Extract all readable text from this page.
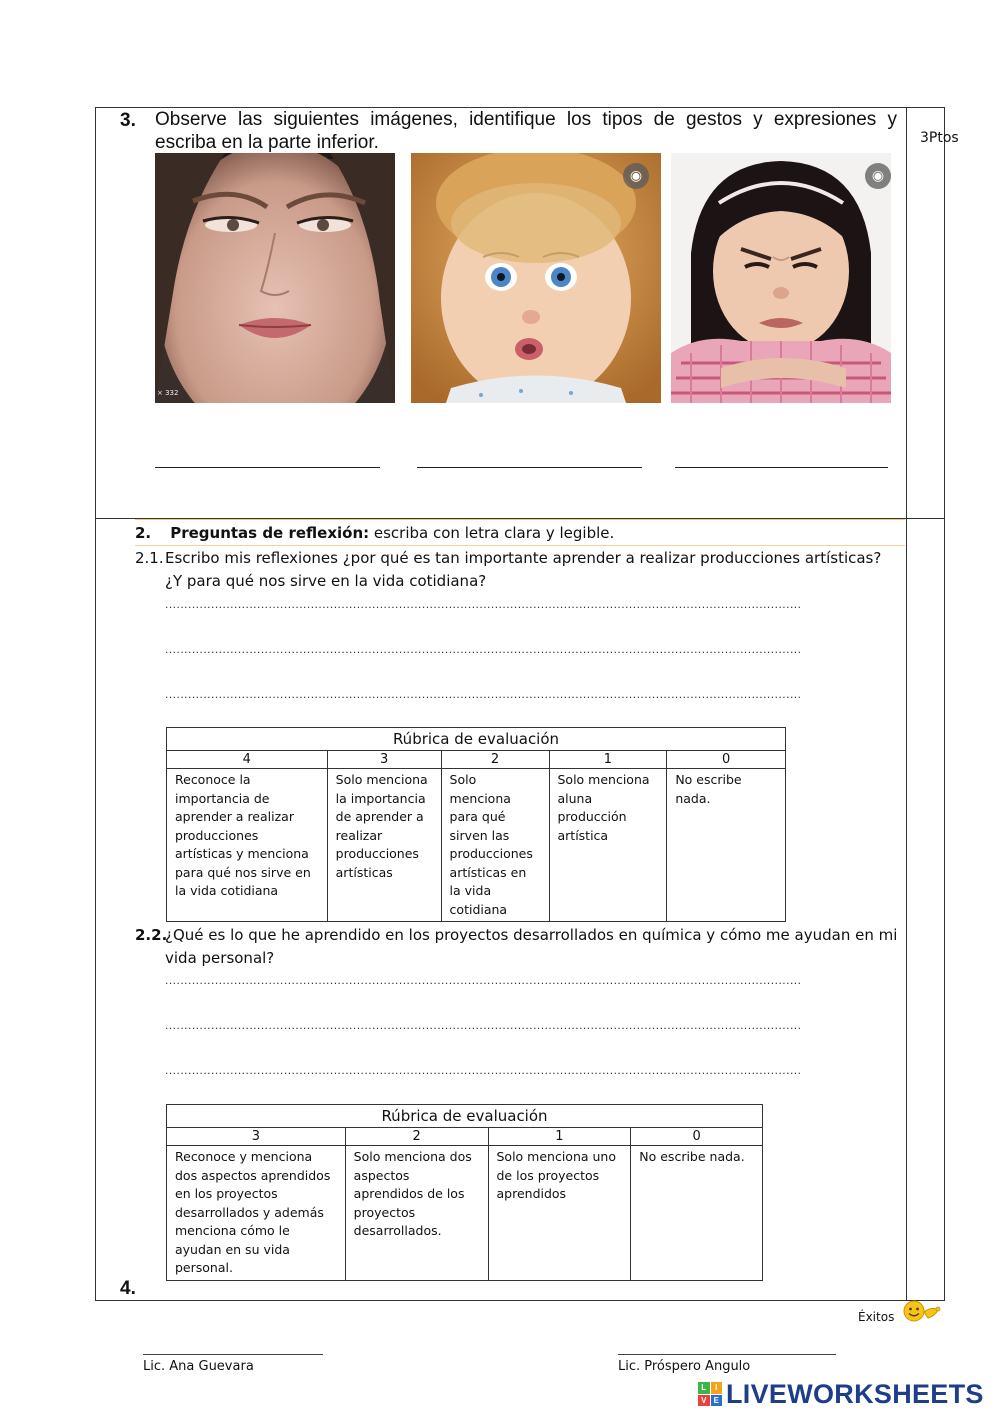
3. Observe las siguientes imágenes, identifique los tipos de gestos y expresiones y escriba en la parte inferior.	3Ptos
× 332
◉	◉
2. Preguntas de reflexión: escriba con letra clara y legible.
2.1. Escribo mis reflexiones ¿por qué es tan importante aprender a realizar producciones artísticas? ¿Y para qué nos sirve en la vida cotidiana?
......................................................................................................................................................................
......................................................................................................................................................................
......................................................................................................................................................................
Rúbrica de evaluación				
4	3	2	1	0
Reconoce la importancia de aprender a realizar producciones artísticas y menciona para qué nos sirve en la vida cotidiana	Solo menciona la importancia de aprender a realizar producciones artísticas	Solo menciona para qué sirven las producciones artísticas en la vida cotidiana	Solo menciona aluna producción artística	No escribe nada.
2.2.
¿Qué es lo que he aprendido en los proyectos desarrollados en química y cómo me ayudan en mi vida personal?
......................................................................................................................................................................
......................................................................................................................................................................
......................................................................................................................................................................
Rúbrica de evaluación			
3	2	1	0
Reconoce y menciona dos aspectos aprendidos en los proyectos desarrollados y además menciona cómo le ayudan en su vida personal.	Solo menciona dos aspectos aprendidos de los proyectos desarrollados.	Solo menciona uno de los proyectos aprendidos	No escribe nada.
4.
Éxitos
Lic. Ana Guevara	Lic. Próspero Angulo
L	I
V E LIVEWORKSHEETS
